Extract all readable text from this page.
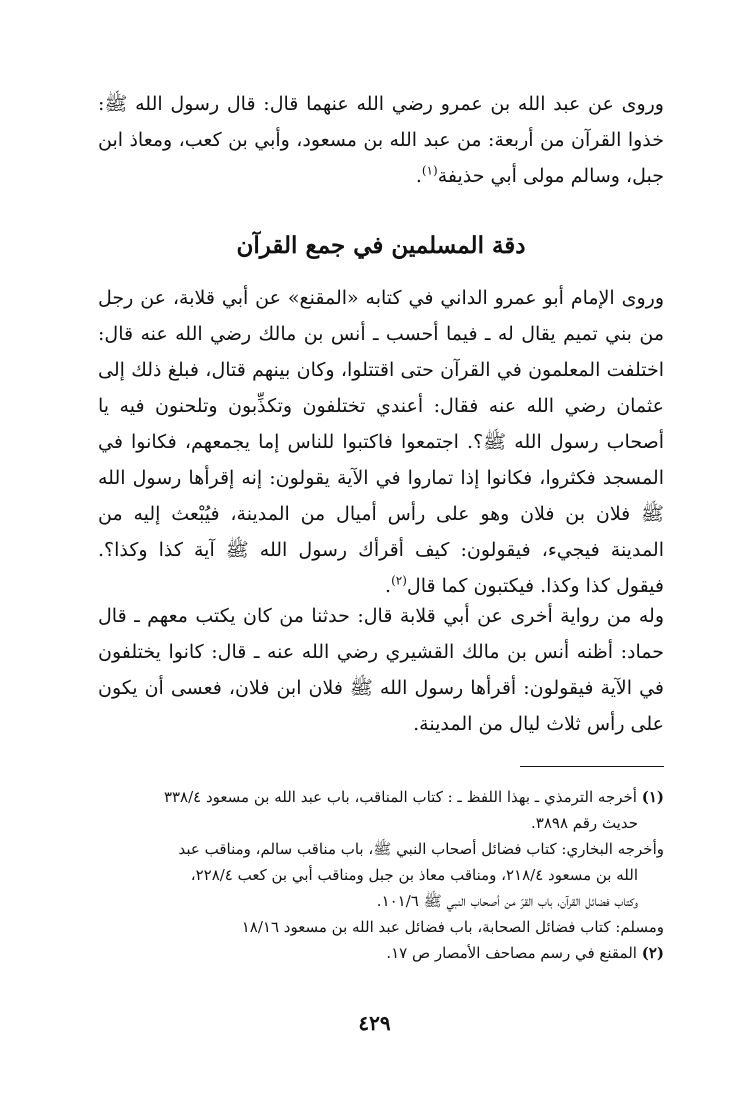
وروى عن عبد الله بن عمرو رضي الله عنهما قال: قال رسول الله ﷺ: خذوا القرآن من أربعة: من عبد الله بن مسعود، وأبي بن كعب، ومعاذ ابن جبل، وسالم مولى أبي حذيفة$^{(١)}$.

دقة المسلمين في جمع القرآن

وروى الإمام أبو عمرو الداني في كتابه «المقنع» عن أبي قلابة، عن رجل من بني تميم يقال له ـ فيما أحسب ـ أنس بن مالك رضي الله عنه قال: اختلفت المعلمون في القرآن حتى اقتتلوا، وكان بينهم قتال، فبلغ ذلك إلى عثمان رضي الله عنه فقال: أعندي تختلفون وتكذِّبون وتلحنون فيه يا أصحاب رسول الله ﷺ؟. اجتمعوا فاكتبوا للناس إما يجمعهم، فكانوا في المسجد فكثروا، فكانوا إذا تماروا في الآية يقولون: إنه إقرأها رسول الله ﷺ فلان بن فلان وهو على رأس أميال من المدينة، فيُبْعث إليه من المدينة فيجيء، فيقولون: كيف أقرأك رسول الله ﷺ آية كذا وكذا؟. فيقول كذا وكذا. فيكتبون كما قال$^{(٢)}$.

وله من رواية أخرى عن أبي قلابة قال: حدثنا من كان يكتب معهم ـ قال حماد: أظنه أنس بن مالك القشيري رضي الله عنه ـ قال: كانوا يختلفون في الآية فيقولون: أقرأها رسول الله ﷺ فلان ابن فلان، فعسى أن يكون على رأس ثلاث ليال من المدينة.

(١) أخرجه الترمذي ـ بهذا اللفظ ـ : كتاب المناقب، باب عبد الله بن مسعود ٣٣٨/٤

حديث رقم ٣٨٩٨.

وأخرجه البخاري: كتاب فضائل أصحاب النبي ﷺ، باب مناقب سالم، ومناقب عبد

الله بن مسعود ٢١٨/٤، ومناقب معاذ بن جبل ومناقب أبي بن كعب ٢٢٨/٤،

وكتاب فضائل القرآن، باب القرّ من أصحاب النبي ﷺ ١٠١/٦.

ومسلم: كتاب فضائل الصحابة، باب فضائل عبد الله بن مسعود ١٨/١٦

(٢) المقنع في رسم مصاحف الأمصار ص ١٧.

٤٢٩
